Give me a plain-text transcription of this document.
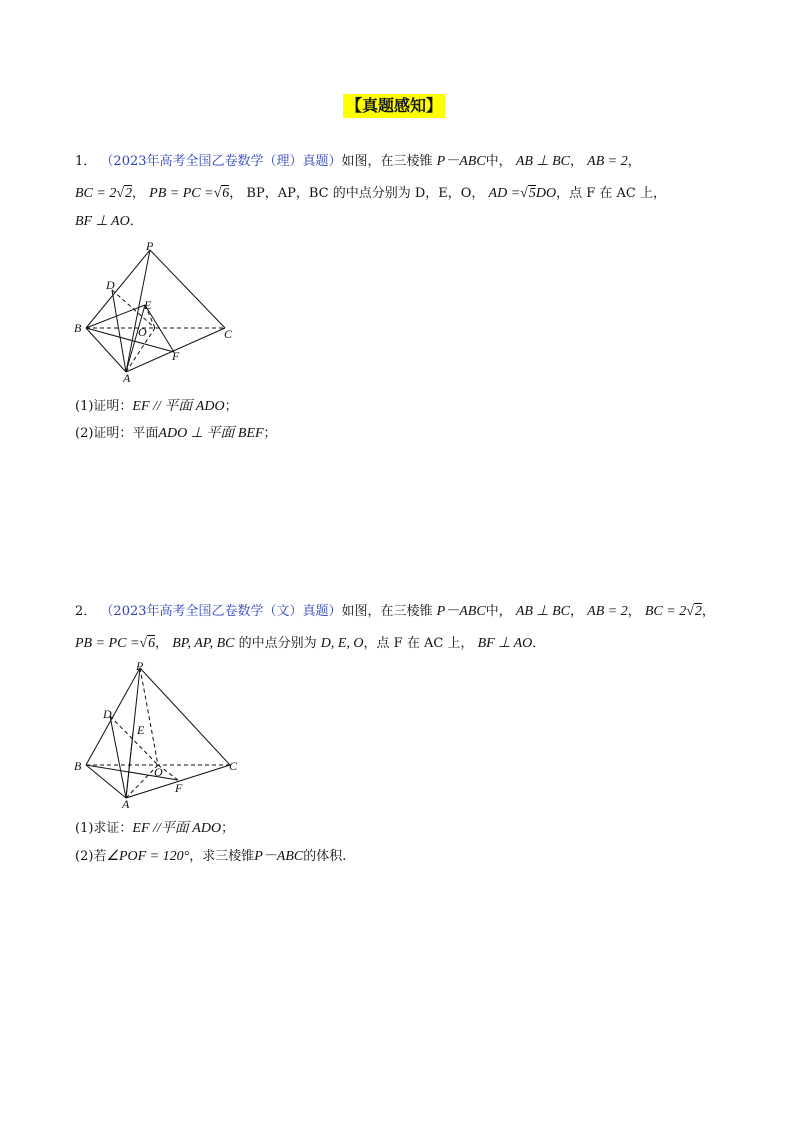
【真题感知】
1． （2023年高考全国乙卷数学（理）真题）如图，在三棱锥 P－ABC中， AB ⊥ BC， AB = 2，
BC = 2√2， PB = PC =√6， BP，AP，BC 的中点分别为 D，E，O， AD =√5DO，点 F 在 AC 上，
BF ⊥ AO．
P
D
E
O
B	C
F
A
(1)证明：EF // 平面 ADO；
(2)证明：平面ADO ⊥ 平面 BEF；
2． （2023年高考全国乙卷数学（文）真题）如图，在三棱锥 P－ABC中， AB ⊥ BC， AB = 2， BC = 2√2，
PB = PC =√6， BP, AP, BC 的中点分别为 D, E, O，点 F 在 AC 上， BF ⊥ AO．
P
D
E
O
B	C
F
A
(1)求证：EF //平面 ADO；
(2)若∠POF = 120°，求三棱锥P－ABC的体积.
